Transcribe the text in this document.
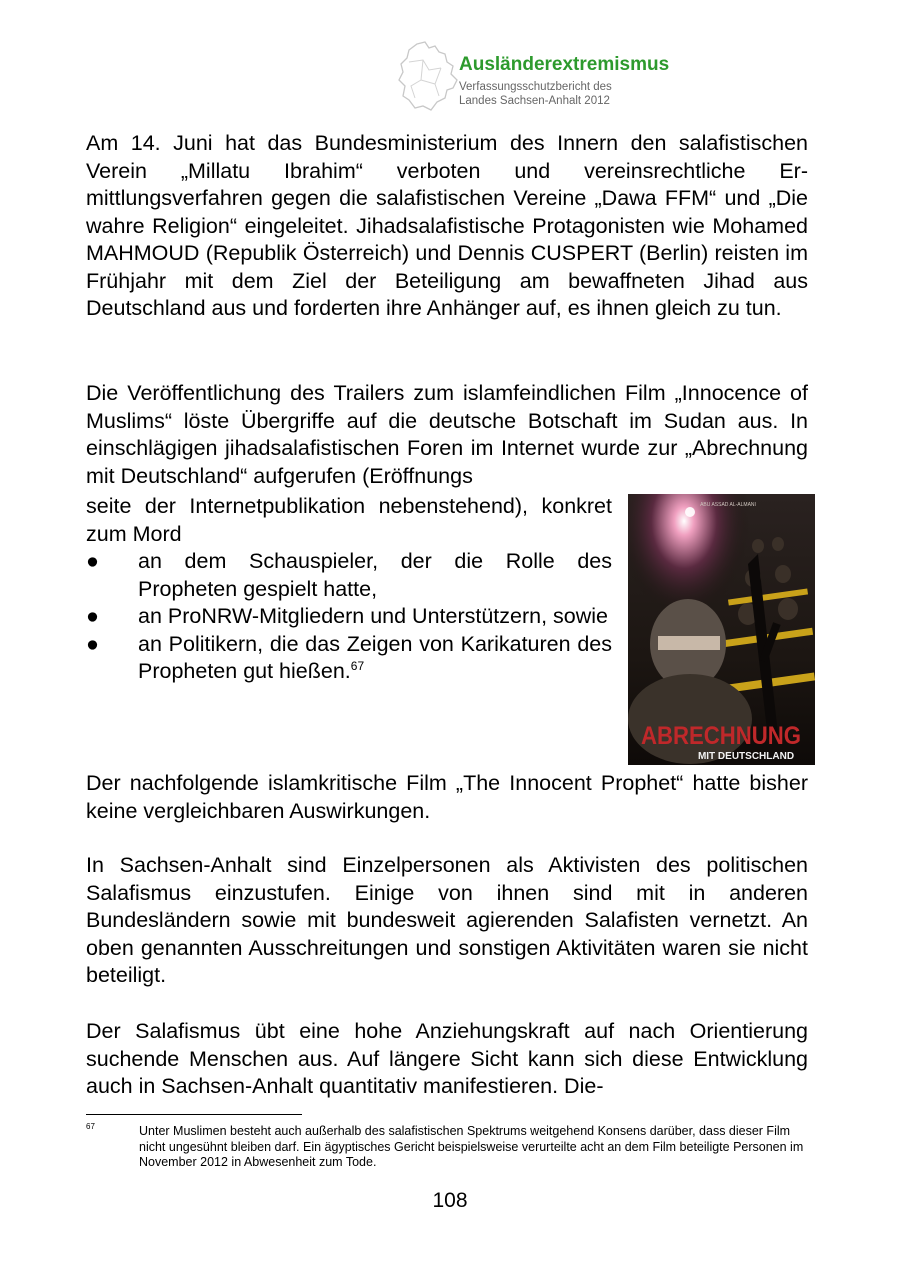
Ausländerextremismus
Verfassungsschutzbericht des
Landes Sachsen-Anhalt 2012
Am 14. Juni hat das Bundesministerium des Innern den salafistischen Verein „Millatu Ibrahim“ verboten und vereinsrechtliche Ermittlungsverfahren gegen die salafistischen Vereine „Dawa FFM“ und „Die wahre Religion“ eingeleitet. Jihadsalafistische Protagonisten wie Mohamed MAHMOUD (Republik Österreich) und Dennis CUSPERT (Berlin) reisten im Frühjahr mit dem Ziel der Beteiligung am bewaffneten Jihad aus Deutschland aus und forderten ihre Anhänger auf, es ihnen gleich zu tun.
Die Veröffentlichung des Trailers zum islamfeindlichen Film „Innocence of Muslims“ löste Übergriffe auf die deutsche Botschaft im Sudan aus. In einschlägigen jihadsalafistischen Foren im Internet wurde zur „Abrechnung mit Deutschland“ aufgerufen (Eröffnungs
seite der Internetpublikation nebenstehend), konkret zum Mord
● an dem Schauspieler, der die Rolle des Propheten gespielt hatte,
● an ProNRW-Mitgliedern und Unterstützern, sowie
● an Politikern, die das Zeigen von Karikaturen des Propheten gut hießen.$^{67}$
ABU ASSAD AL-ALMANI
ABRECHNUNG
MIT DEUTSCHLAND
Der nachfolgende islamkritische Film „The Innocent Prophet“ hatte bisher keine vergleichbaren Auswirkungen.
In Sachsen-Anhalt sind Einzelpersonen als Aktivisten des politischen Salafismus einzustufen. Einige von ihnen sind mit in anderen Bundesländern sowie mit bundesweit agierenden Salafisten vernetzt. An oben genannten Ausschreitungen und sonstigen Aktivitäten waren sie nicht beteiligt.
Der Salafismus übt eine hohe Anziehungskraft auf nach Orientierung suchende Menschen aus. Auf längere Sicht kann sich diese Entwicklung auch in Sachsen-Anhalt quantitativ manifestieren. Die-
67	Unter Muslimen besteht auch außerhalb des salafistischen Spektrums weitgehend Konsens darüber, dass dieser Film nicht ungesühnt bleiben darf. Ein ägyptisches Gericht beispielsweise verurteilte acht an dem Film beteiligte Personen im November 2012 in Abwesenheit zum Tode.
108
